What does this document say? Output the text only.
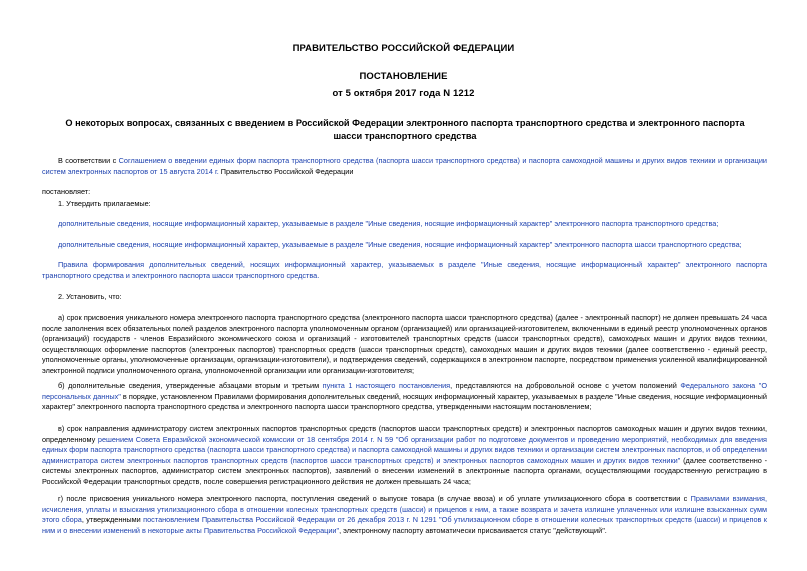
ПРАВИТЕЛЬСТВО РОССИЙСКОЙ ФЕДЕРАЦИИ
ПОСТАНОВЛЕНИЕ
от 5 октября 2017 года N 1212
О некоторых вопросах, связанных с введением в Российской Федерации электронного паспорта транспортного средства и электронного паспорта шасси транспортного средства
В соответствии с Соглашением о введении единых форм паспорта транспортного средства (паспорта шасси транспортного средства) и паспорта самоходной машины и других видов техники и организации систем электронных паспортов от 15 августа 2014 г. Правительство Российской Федерации
постановляет:
1. Утвердить прилагаемые:
дополнительные сведения, носящие информационный характер, указываемые в разделе "Иные сведения, носящие информационный характер" электронного паспорта транспортного средства;
дополнительные сведения, носящие информационный характер, указываемые в разделе "Иные сведения, носящие информационный характер" электронного паспорта шасси транспортного средства;
Правила формирования дополнительных сведений, носящих информационный характер, указываемых в разделе "Иные сведения, носящие информационный характер" электронного паспорта транспортного средства и электронного паспорта шасси транспортного средства.
2. Установить, что:
а) срок присвоения уникального номера электронного паспорта транспортного средства (электронного паспорта шасси транспортного средства) (далее - электронный паспорт) не должен превышать 24 часа после заполнения всех обязательных полей разделов электронного паспорта уполномоченным органом (организацией) или организацией-изготовителем, включенными в единый реестр уполномоченных органов (организаций) государств - членов Евразийского экономического союза и организаций - изготовителей транспортных средств (шасси транспортных средств), самоходных машин и других видов техники, осуществляющих оформление паспортов (электронных паспортов) транспортных средств (шасси транспортных средств), самоходных машин и других видов техники (далее соответственно - единый реестр, уполномоченные органы, уполномоченные организации, организации-изготовители), и подтверждения сведений, содержащихся в электронном паспорте, посредством применения усиленной квалифицированной электронной подписи уполномоченного органа, уполномоченной организации или организации-изготовителя;
б) дополнительные сведения, утвержденные абзацами вторым и третьим пункта 1 настоящего постановления, представляются на добровольной основе с учетом положений Федерального закона "О персональных данных" в порядке, установленном Правилами формирования дополнительных сведений, носящих информационный характер, указываемых в разделе "Иные сведения, носящие информационный характер" электронного паспорта транспортного средства и электронного паспорта шасси транспортного средства, утвержденными настоящим постановлением;
в) срок направления администратору систем электронных паспортов транспортных средств (паспортов шасси транспортных средств) и электронных паспортов самоходных машин и других видов техники, определенному решением Совета Евразийской экономической комиссии от 18 сентября 2014 г. N 59 "Об организации работ по подготовке документов и проведению мероприятий, необходимых для введения единых форм паспорта транспортного средства (паспорта шасси транспортного средства) и паспорта самоходной машины и других видов техники и организации систем электронных паспортов, и об определении администратора систем электронных паспортов транспортных средств (паспортов шасси транспортных средств) и электронных паспортов самоходных машин и других видов техники" (далее соответственно - системы электронных паспортов, администратор систем электронных паспортов), заявлений о внесении изменений в электронные паспорта органами, осуществляющими государственную регистрацию в Российской Федерации транспортных средств, после совершения регистрационного действия не должен превышать 24 часа;
г) после присвоения уникального номера электронного паспорта, поступления сведений о выпуске товара (в случае ввоза) и об уплате утилизационного сбора в соответствии с Правилами взимания, исчисления, уплаты и взыскания утилизационного сбора в отношении колесных транспортных средств (шасси) и прицепов к ним, а также возврата и зачета излишне уплаченных или излишне взысканных сумм этого сбора, утвержденными постановлением Правительства Российской Федерации от 26 декабря 2013 г. N 1291 "Об утилизационном сборе в отношении колесных транспортных средств (шасси) и прицепов к ним и о внесении изменений в некоторые акты Правительства Российской Федерации", электронному паспорту автоматически присваивается статус "действующий".
